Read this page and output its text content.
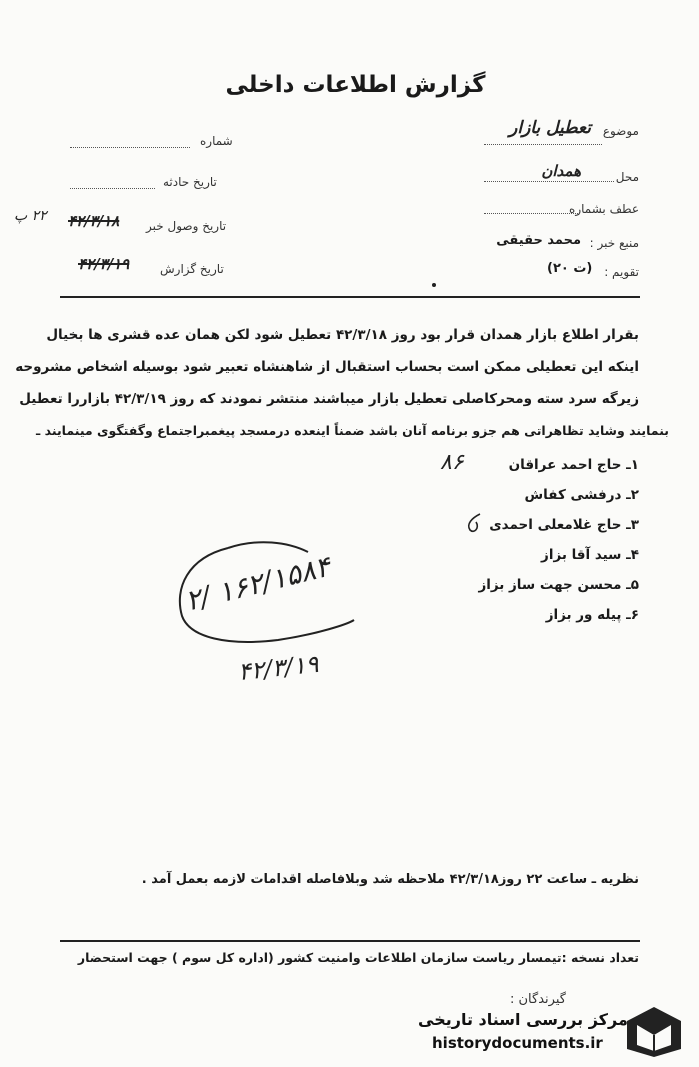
گزارش اطلاعات داخلی
شماره
تاریخ حادثه
۲۲ پ ۴۲/۳/۱۸ تاریخ وصول خبر
۴۲/۳/۱۹	تاریخ گزارش
موضوع
تعطیل بازار
محل
همدان
عطف بشماره
منبع خبر :
محمد حقیقی
تقویم :
(ت ۲۰)
بقرار اطلاع بازار همدان قرار بود روز ۴۲/۳/۱۸ تعطیل شود لکن همان عده قشری ها بخیال
اینکه این تعطیلی ممکن است بحساب استقبال از شاهنشاه تعبیر شود بوسیله اشخاص مشروحه
زیرگه سرد سته ومحرکاصلی تعطیل بازار میباشند منتشر نمودند که روز ۴۲/۳/۱۹ بازاررا تعطیل
بنمایند وشاید تظاهراتی هم جزو برنامه آنان باشد ضمناً اینعده درمسجد پیغمبراجتماع وگفتگوی مینمایند ـ
۱ـ حاج احمد عراقان
۸۶
۲ـ درفشی کفاش
۳ـ حاج غلامعلی احمدی
۴ـ سید آقا بزاز
۵ـ محسن جهت ساز بزاز
۶ـ پیله ور بزاز
۲/ ۱۶۲/۱۵۸۴
۴۲/۳/۱۹
نظریه ـ ساعت ۲۲ روز۴۲/۳/۱۸ ملاحظه شد وبلافاصله اقدامات لازمه بعمل آمد .
تعداد نسخه :تیمسار ریاست سازمان اطلاعات وامنیت کشور (اداره کل سوم ) جهت استحضار
گیرندگان :
مرکز بررسی اسناد تاریخی
historydocuments.ir
